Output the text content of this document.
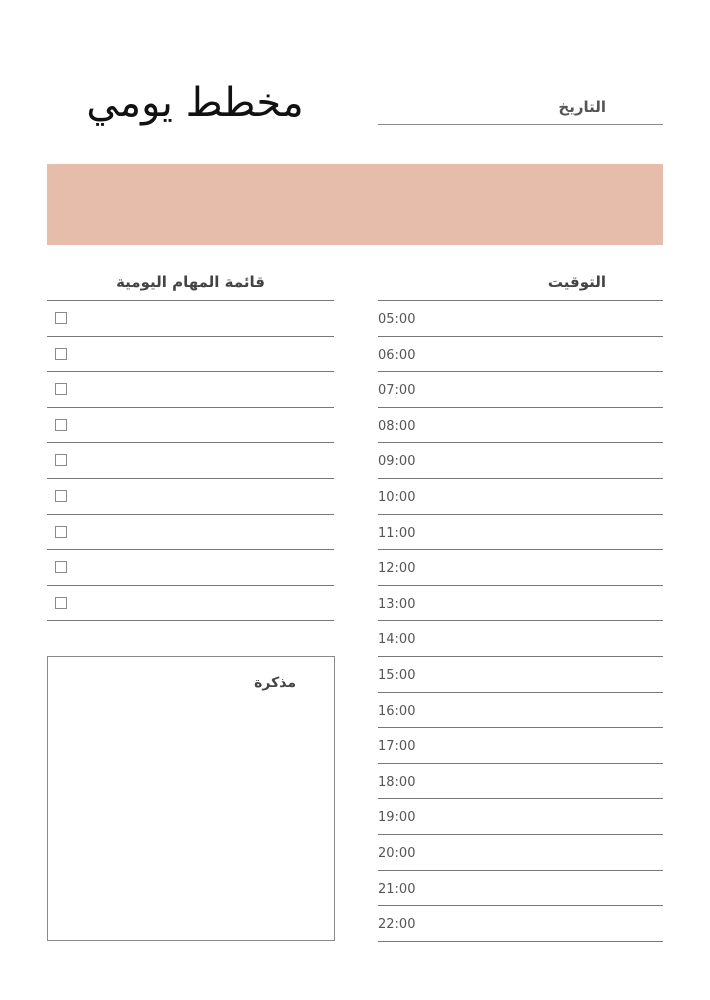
مخطط يومي	التاريخ
قائمة المهام اليومية	التوقيت
05:00
06:00
07:00
08:00
09:00
10:00
11:00
12:00
13:00
14:00
15:00
16:00
17:00
18:00
19:00
20:00
21:00
22:00
مذكرة
